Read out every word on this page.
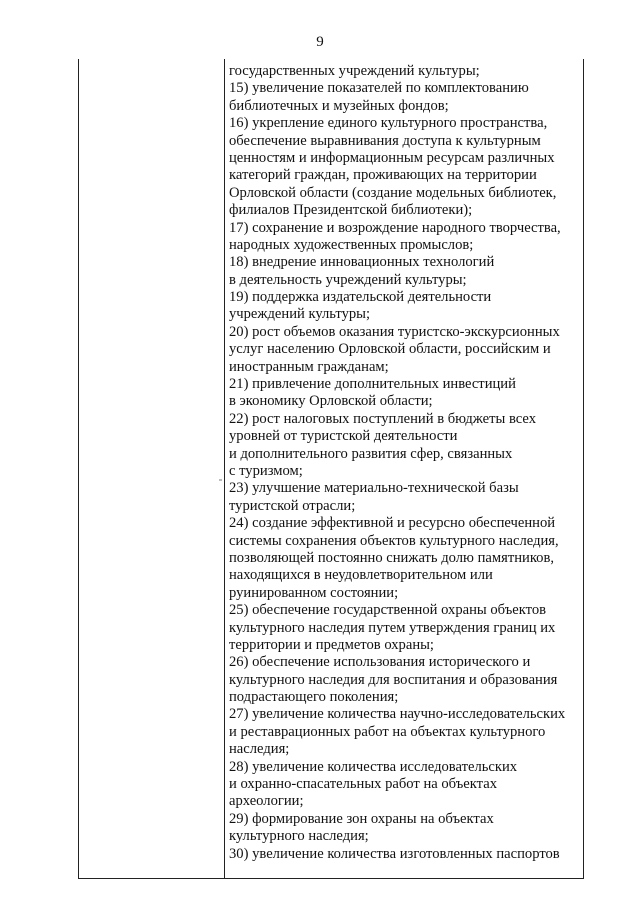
9
государственных учреждений культуры;
15) увеличение показателей по комплектованию
библиотечных и музейных фондов;
16) укрепление единого культурного пространства,
обеспечение выравнивания доступа к культурным
ценностям и информационным ресурсам различных
категорий граждан, проживающих на территории
Орловской области (создание модельных библиотек,
филиалов Президентской библиотеки);
17) сохранение и возрождение народного творчества,
народных художественных промыслов;
18) внедрение инновационных технологий
в деятельность учреждений культуры;
19) поддержка издательской деятельности
учреждений культуры;
20) рост объемов оказания туристско-экскурсионных
услуг населению Орловской области, российским и
иностранным гражданам;
21) привлечение дополнительных инвестиций
в экономику Орловской области;
22) рост налоговых поступлений в бюджеты всех
уровней от туристской деятельности
и дополнительного развития сфер, связанных
с туризмом;
23) улучшение материально-технической базы
туристской отрасли;
24) создание эффективной и ресурсно обеспеченной
системы сохранения объектов культурного наследия,
позволяющей постоянно снижать долю памятников,
находящихся в неудовлетворительном или
руинированном состоянии;
25) обеспечение государственной охраны объектов
культурного наследия путем утверждения границ их
территории и предметов охраны;
26) обеспечение использования исторического и
культурного наследия для воспитания и образования
подрастающего поколения;
27) увеличение количества научно-исследовательских
и реставрационных работ на объектах культурного
наследия;
28) увеличение количества исследовательских
и охранно-спасательных работ на объектах
археологии;
29) формирование зон охраны на объектах
культурного наследия;
30) увеличение количества изготовленных паспортов
